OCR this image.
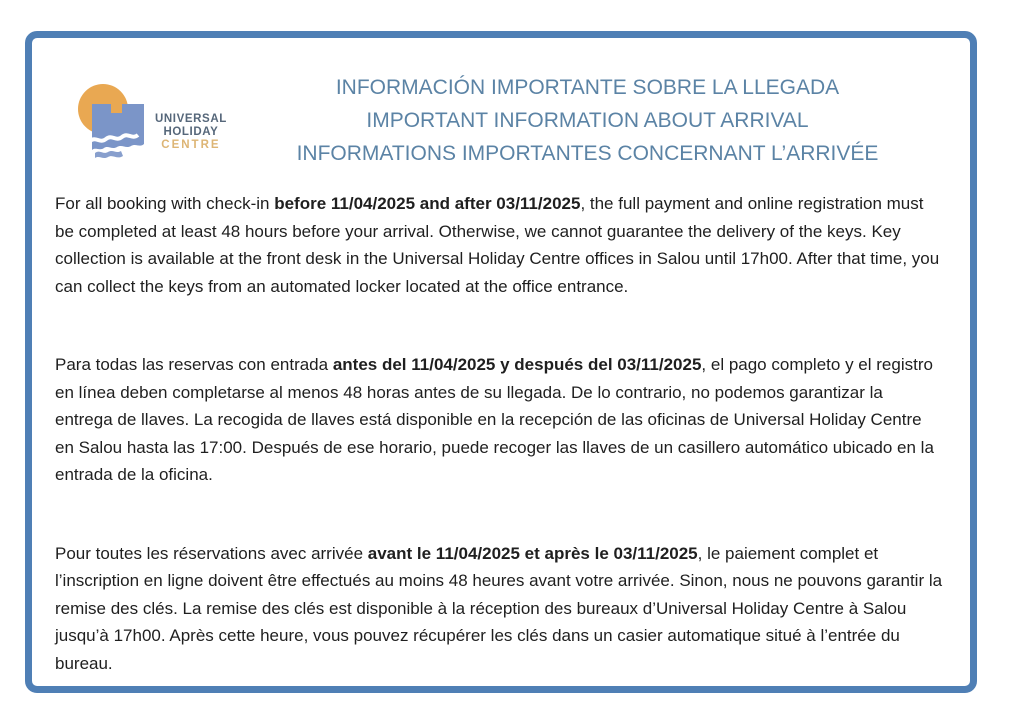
UNIVERSAL
HOLIDAY
CENTRE
INFORMACIÓN IMPORTANTE SOBRE LA LLEGADA
IMPORTANT INFORMATION ABOUT ARRIVAL
INFORMATIONS IMPORTANTES CONCERNANT L’ARRIVÉE

For all booking with check-in before 11/04/2025 and after 03/11/2025, the full payment and online registration must be completed at least 48 hours before your arrival. Otherwise, we cannot guarantee the delivery of the keys. Key collection is available at the front desk in the Universal Holiday Centre offices in Salou until 17h00. After that time, you can collect the keys from an automated locker located at the office entrance.

Para todas las reservas con entrada antes del 11/04/2025 y después del 03/11/2025, el pago completo y el registro en línea deben completarse al menos 48 horas antes de su llegada. De lo contrario, no podemos garantizar la entrega de llaves. La recogida de llaves está disponible en la recepción de las oficinas de Universal Holiday Centre en Salou hasta las 17:00. Después de ese horario, puede recoger las llaves de un casillero automático ubicado en la entrada de la oficina.

Pour toutes les réservations avec arrivée avant le 11/04/2025 et après le 03/11/2025, le paiement complet et l’inscription en ligne doivent être effectués au moins 48 heures avant votre arrivée. Sinon, nous ne pouvons garantir la remise des clés. La remise des clés est disponible à la réception des bureaux d’Universal Holiday Centre à Salou jusqu’à 17h00. Après cette heure, vous pouvez récupérer les clés dans un casier automatique situé à l’entrée du bureau.
